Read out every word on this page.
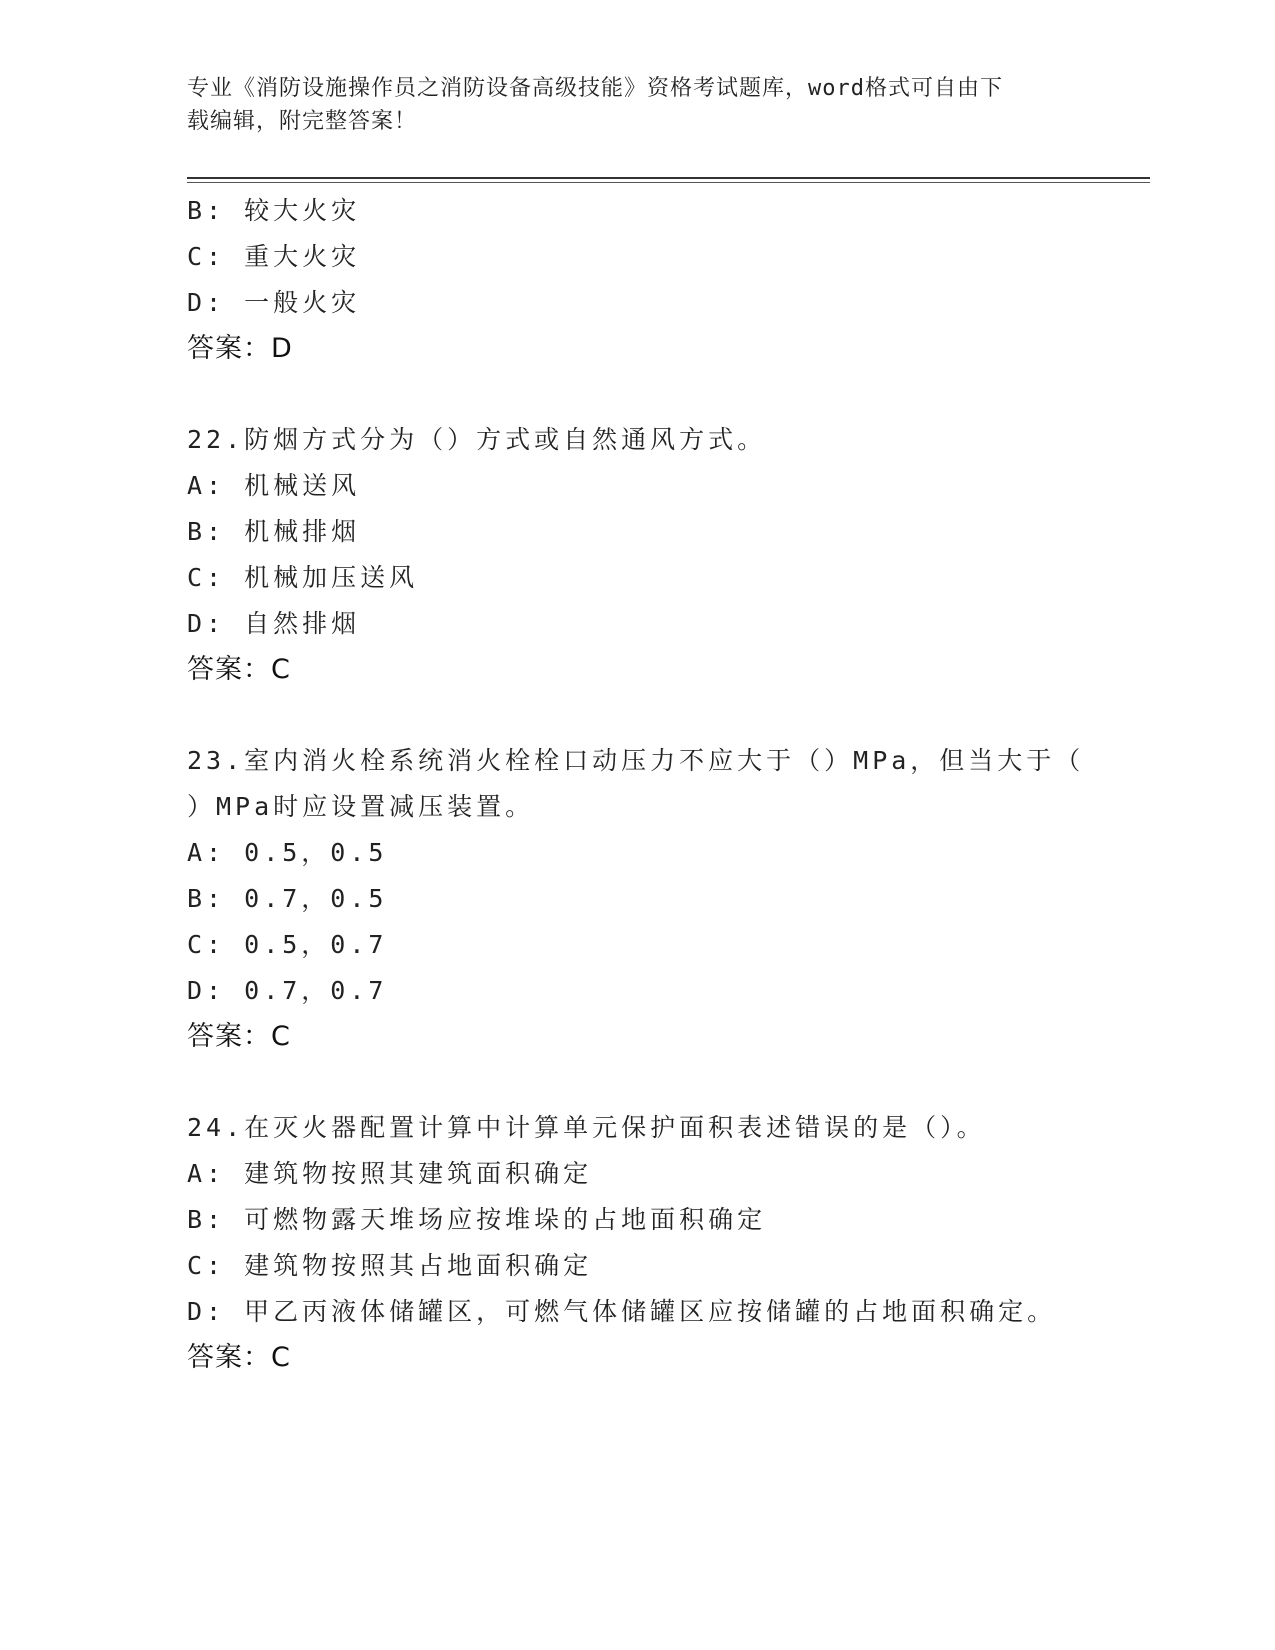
专业《消防设施操作员之消防设备高级技能》资格考试题库，word格式可自由下
载编辑，附完整答案！
B: 较大火灾
C: 重大火灾
D: 一般火灾
答案：D
22.防烟方式分为（）方式或自然通风方式。
A: 机械送风
B: 机械排烟
C: 机械加压送风
D: 自然排烟
答案：C
23.室内消火栓系统消火栓栓口动压力不应大于（）MPa，但当大于（
）MPa时应设置减压装置。
A: 0.5，0.5
B: 0.7，0.5
C: 0.5，0.7
D: 0.7，0.7
答案：C
24.在灭火器配置计算中计算单元保护面积表述错误的是（）。
A: 建筑物按照其建筑面积确定
B: 可燃物露天堆场应按堆垛的占地面积确定
C: 建筑物按照其占地面积确定
D: 甲乙丙液体储罐区，可燃气体储罐区应按储罐的占地面积确定。
答案：C
